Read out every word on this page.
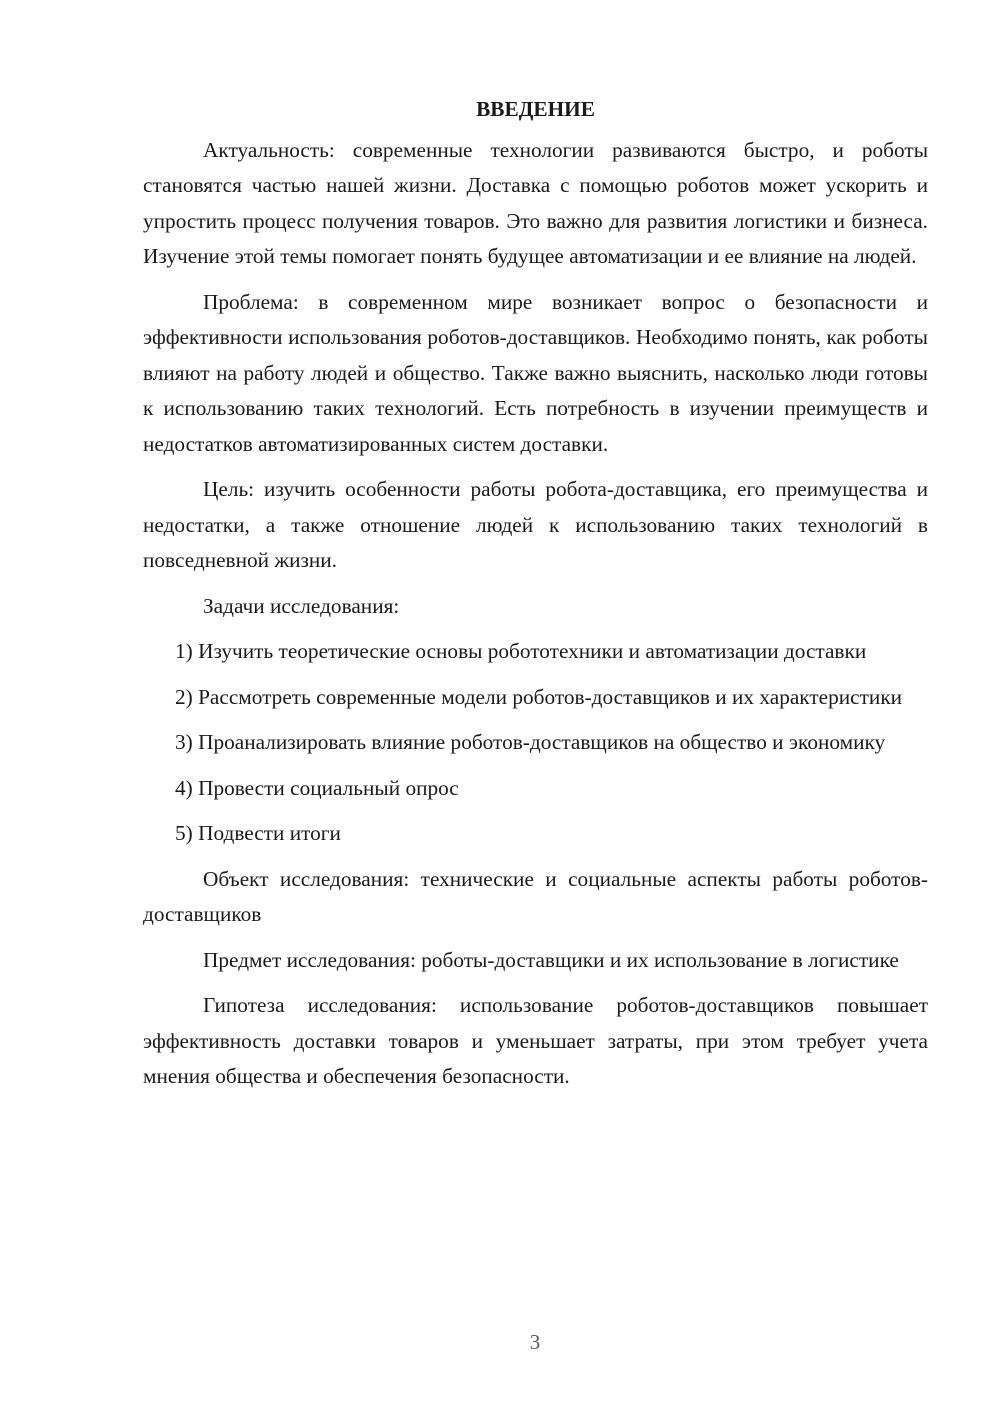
ВВЕДЕНИЕ

Актуальность: современные технологии развиваются быстро, и роботы становятся частью нашей жизни. Доставка с помощью роботов может ускорить и упростить процесс получения товаров. Это важно для развития логистики и бизнеса. Изучение этой темы помогает понять будущее автоматизации и ее влияние на людей.

Проблема: в современном мире возникает вопрос о безопасности и эффективности использования роботов-доставщиков. Необходимо понять, как роботы влияют на работу людей и общество. Также важно выяснить, насколько люди готовы к использованию таких технологий. Есть потребность в изучении преимуществ и недостатков автоматизированных систем доставки.

Цель: изучить особенности работы робота-доставщика, его преимущества и недостатки, а также отношение людей к использованию таких технологий в повседневной жизни.

Задачи исследования:

1) Изучить теоретические основы робототехники и автоматизации доставки

2) Рассмотреть современные модели роботов-доставщиков и их характеристики

3) Проанализировать влияние роботов-доставщиков на общество и экономику

4) Провести социальный опрос

5) Подвести итоги

Объект исследования: технические и социальные аспекты работы роботов-доставщиков

Предмет исследования: роботы-доставщики и их использование в логистике

Гипотеза исследования: использование роботов-доставщиков повышает эффективность доставки товаров и уменьшает затраты, при этом требует учета мнения общества и обеспечения безопасности.

3
